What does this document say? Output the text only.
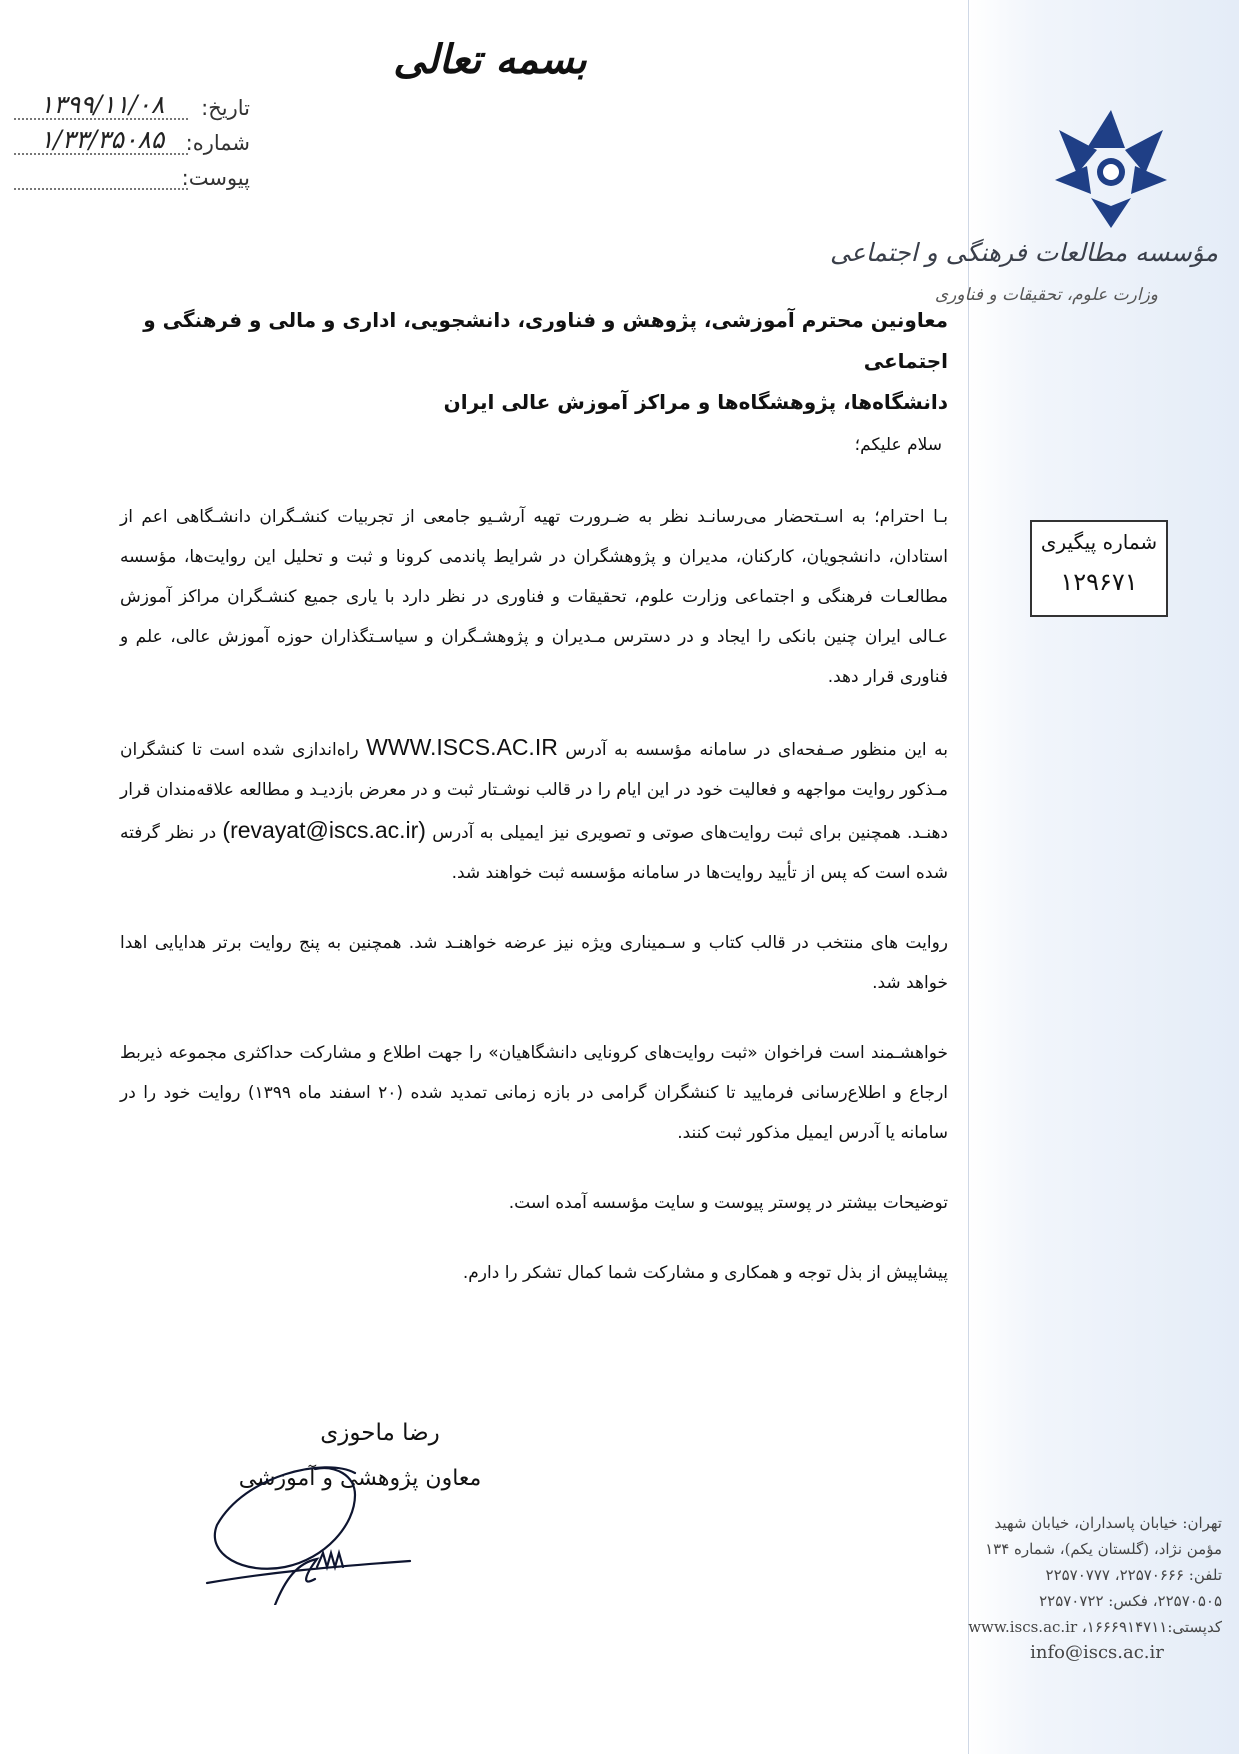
مؤسسه مطالعات فرهنگی و اجتماعی
وزارت علوم، تحقیقات و فناوری
تهران: خیابان پاسداران، خیابان شهید
مؤمن نژاد، (گلستان یکم)، شماره ۱۳۴
تلفن: ۲۲۵۷۰۶۶۶، ۲۲۵۷۰۷۷۷
۲۲۵۷۰۵۰۵، فکس: ۲۲۵۷۰۷۲۲
کدپستی:۱۶۶۶۹۱۴۷۱۱، www.iscs.ac.ir
info@iscs.ac.ir
بسمه تعالی
۱۳۹۹/۱۱/۰۸ تاریخ:
۱/۳۳/۳۵۰۸۵ شماره:
پیوست:
معاونین محترم آموزشی، پژوهش و فناوری، دانشجویی، اداری و مالی و فرهنگی و اجتماعی
دانشگاه‌ها، پژوهشگاه‌ها و مراکز آموزش عالی ایران
سلام علیکم؛

بـا احترام؛ به اسـتحضار می‌رسانـد نظر به ضـرورت تهیه آرشـیو جامعی از تجربیات کنشـگران دانشـگاهی اعم از استادان، دانشجویان، کارکنان، مدیران و پژوهشگران در شرایط پاندمی کرونا و ثبت و تحلیل این روایت‌ها، مؤسسه مطالعـات فرهنگی و اجتماعی وزارت علوم، تحقیقات و فناوری در نظر دارد با یاری جمیع کنشـگران مراکز آموزش عـالی ایران چنین بانکی را ایجاد و در دسترس مـدیران و پژوهشـگران و سیاسـتگذاران حوزه آموزش عالی، علم و فناوری قرار دهد.

به این منظور صـفحه‌ای در سامانه مؤسسه به آدرس WWW.ISCS.AC.IR راه‌اندازی شده است تا کنشگران مـذکور روایت مواجهه و فعالیت خود در این ایام را در قالب نوشـتار ثبت و در معرض بازدیـد و مطالعه علاقه‌مندان قرار دهنـد. همچنین برای ثبت روایت‌های صوتی و تصویری نیز ایمیلی به آدرس (revayat@iscs.ac.ir) در نظر گرفته شده است که پس از تأیید روایت‌ها در سامانه مؤسسه ثبت خواهند شد.

روایت های منتخب در قالب کتاب و سـمیناری ویژه نیز عرضه خواهنـد شد. همچنین به پنج روایت برتر هدایایی اهدا خواهد شد.

خواهشـمند است فراخوان «ثبت روایت‌های کرونایی دانشگاهیان» را جهت اطلاع و مشارکت حداکثری مجموعه ذیربط ارجاع و اطلاع‌رسانی فرمایید تا کنشگران گرامی در بازه زمانی تمدید شده (۲۰ اسفند ماه ۱۳۹۹) روایت خود را در سامانه یا آدرس ایمیل مذکور ثبت کنند.

توضیحات بیشتر در پوستر پیوست و سایت مؤسسه آمده است.

پیشاپیش از بذل توجه و همکاری و مشارکت شما کمال تشکر را دارم.

شماره پیگیری
۱۲۹۶۷۱
رضا ماحوزی
معاون پژوهشی و آموزشی
